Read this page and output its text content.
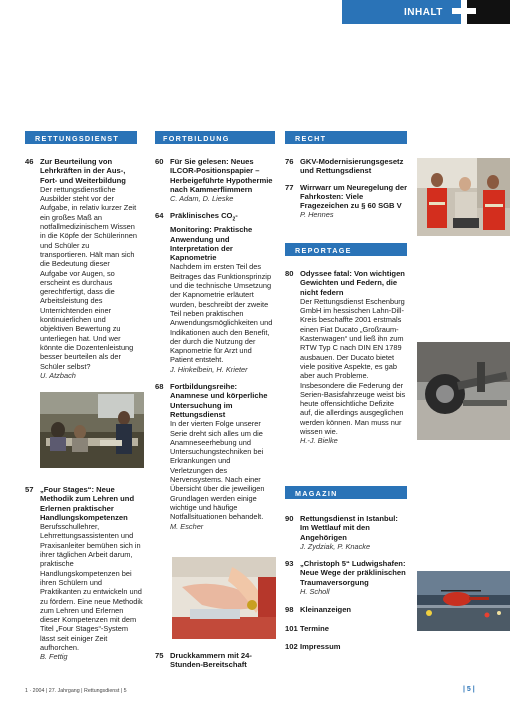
INHALT
RETTUNGSDIENST
46 Zur Beurteilung von Lehrkräften in der Aus-, Fort- und Weiterbildung
Der rettungsdienstliche Ausbilder steht vor der Aufgabe, in relativ kurzer Zeit ein großes Maß an notfallmedizinischem Wissen in die Köpfe der Schülerinnen und Schüler zu transportieren. Hält man sich die Bedeutung dieser Aufgabe vor Augen, so erscheint es durchaus gerechtfertigt, dass die Arbeitsleistung des Unterrichtenden einer kontinuierlichen und objektiven Bewertung zu unterliegen hat. Und wer könnte die Dozentenleistung besser beurteilen als der Schüler selbst?
U. Atzbach
57 „Four Stages“: Neue Methodik zum Lehren und Erlernen praktischer Handlungskompetenzen
Berufsschullehrer, Lehrrettungsassistenten und Praxisanleiter bemühen sich in ihrer täglichen Arbeit darum, praktische Handlungskompetenzen bei ihren Schülern und Praktikanten zu entwickeln und zu fördern. Eine neue Methodik zum Lehren und Erlernen dieser Kompetenzen mit dem Titel „Four Stages“-System lässt seit einiger Zeit aufhorchen.
B. Fettig
FORTBILDUNG
60 Für Sie gelesen: Neues ILCOR-Positionspapier – Herbeigeführte Hypothermie nach Kammerflimmern
C. Adam, D. Lieske
64 Präklinisches $CO_2$-Monitoring: Praktische Anwendung und Interpretation der Kapnometrie
Nachdem im ersten Teil des Beitrages das Funktionsprinzip und die technische Umsetzung der Kapnometrie erläutert wurden, beschreibt der zweite Teil neben praktischen Anwendungsmöglichkeiten und Indikationen auch den Benefit, der durch die Nutzung der Kapnometrie für Arzt und Patient entsteht.
J. Hinkelbein, H. Krieter
68 Fortbildungsreihe: Anamnese und körperliche Untersuchung im Rettungsdienst
In der vierten Folge unserer Serie dreht sich alles um die Anamneseerhebung und Untersuchungstechniken bei Erkrankungen und Verletzungen des Nervensystems. Nach einer Übersicht über die jeweiligen Grundlagen werden einige wichtige und häufige Notfallsituationen behandelt.
M. Escher
75 Druckkammern mit 24-Stunden-Bereitschaft
RECHT
76 GKV-Modernisierungsgesetz und Rettungsdienst
77 Wirrwarr um Neuregelung der Fahrkosten: Viele Fragezeichen zu § 60 SGB V
P. Hennes
REPORTAGE
80 Odyssee fatal: Von wichtigen Gewichten und Federn, die nicht federn
Der Rettungsdienst Eschenburg GmbH im hessischen Lahn-Dill-Kreis beschaffte 2001 erstmals einen Fiat Ducato „Großraum-Kastenwagen“ und ließ ihn zum RTW Typ C nach DIN EN 1789 ausbauen. Der Ducato bietet viele positive Aspekte, es gab aber auch Probleme. Insbesondere die Federung der Serien-Basisfahrzeuge weist bis heute offensichtliche Defizite auf, die allerdings ausgeglichen werden können. Man muss nur wissen wie.
H.-J. Bielke
MAGAZIN
90 Rettungsdienst in Istanbul: Im Wettlauf mit den Angehörigen
J. Zydziak, P. Knacke
93 „Christoph 5“ Ludwigshafen: Neue Wege der präklinischen Traumaversorgung
H. Scholl
98 Kleinanzeigen
101 Termine
102 Impressum
1 · 2004 | 27. Jahrgang | Rettungsdienst | 5	| 5 |
